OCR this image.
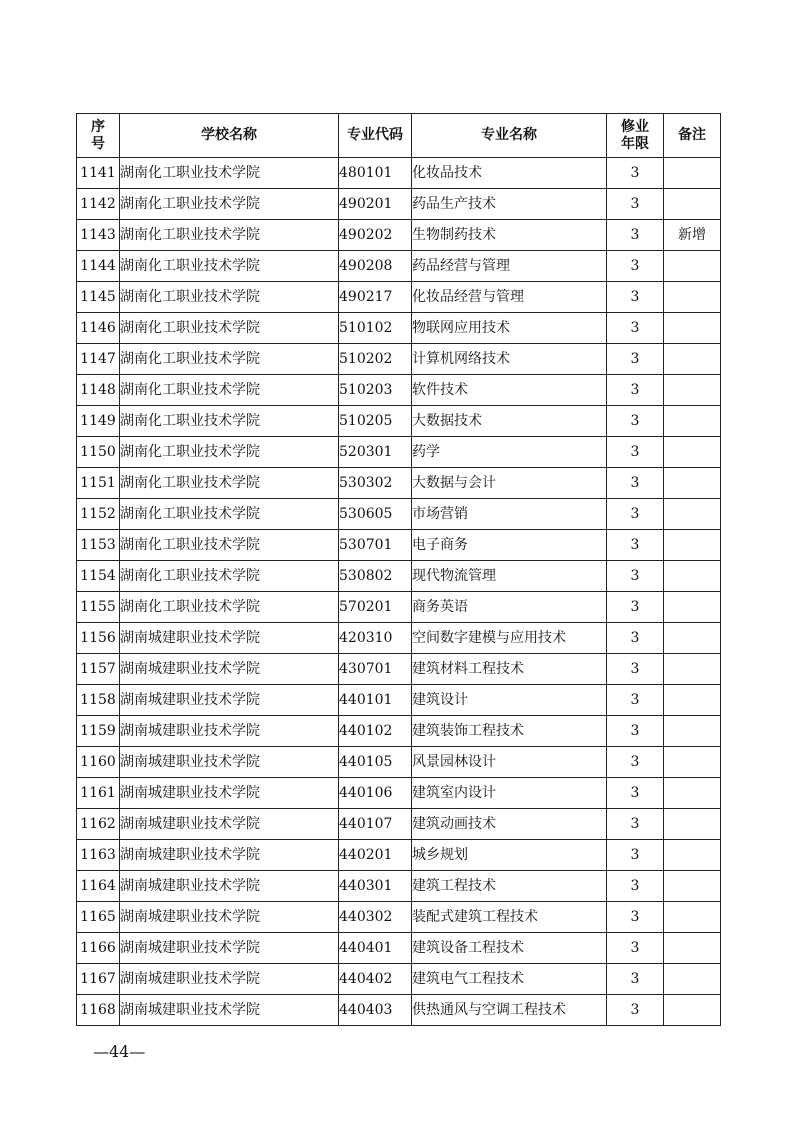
序号	学校名称	专业代码	专业名称	修业年限	备注
1141	湖南化工职业技术学院	480101	化妆品技术	3	
1142	湖南化工职业技术学院	490201	药品生产技术	3	
1143	湖南化工职业技术学院	490202	生物制药技术	3	新增
1144	湖南化工职业技术学院	490208	药品经营与管理	3	
1145	湖南化工职业技术学院	490217	化妆品经营与管理	3	
1146	湖南化工职业技术学院	510102	物联网应用技术	3	
1147	湖南化工职业技术学院	510202	计算机网络技术	3	
1148	湖南化工职业技术学院	510203	软件技术	3	
1149	湖南化工职业技术学院	510205	大数据技术	3	
1150	湖南化工职业技术学院	520301	药学	3	
1151	湖南化工职业技术学院	530302	大数据与会计	3	
1152	湖南化工职业技术学院	530605	市场营销	3	
1153	湖南化工职业技术学院	530701	电子商务	3	
1154	湖南化工职业技术学院	530802	现代物流管理	3	
1155	湖南化工职业技术学院	570201	商务英语	3	
1156	湖南城建职业技术学院	420310	空间数字建模与应用技术	3	
1157	湖南城建职业技术学院	430701	建筑材料工程技术	3	
1158	湖南城建职业技术学院	440101	建筑设计	3	
1159	湖南城建职业技术学院	440102	建筑装饰工程技术	3	
1160	湖南城建职业技术学院	440105	风景园林设计	3	
1161	湖南城建职业技术学院	440106	建筑室内设计	3	
1162	湖南城建职业技术学院	440107	建筑动画技术	3	
1163	湖南城建职业技术学院	440201	城乡规划	3	
1164	湖南城建职业技术学院	440301	建筑工程技术	3	
1165	湖南城建职业技术学院	440302	装配式建筑工程技术	3	
1166	湖南城建职业技术学院	440401	建筑设备工程技术	3	
1167	湖南城建职业技术学院	440402	建筑电气工程技术	3	
1168	湖南城建职业技术学院	440403	供热通风与空调工程技术	3	
—44—
